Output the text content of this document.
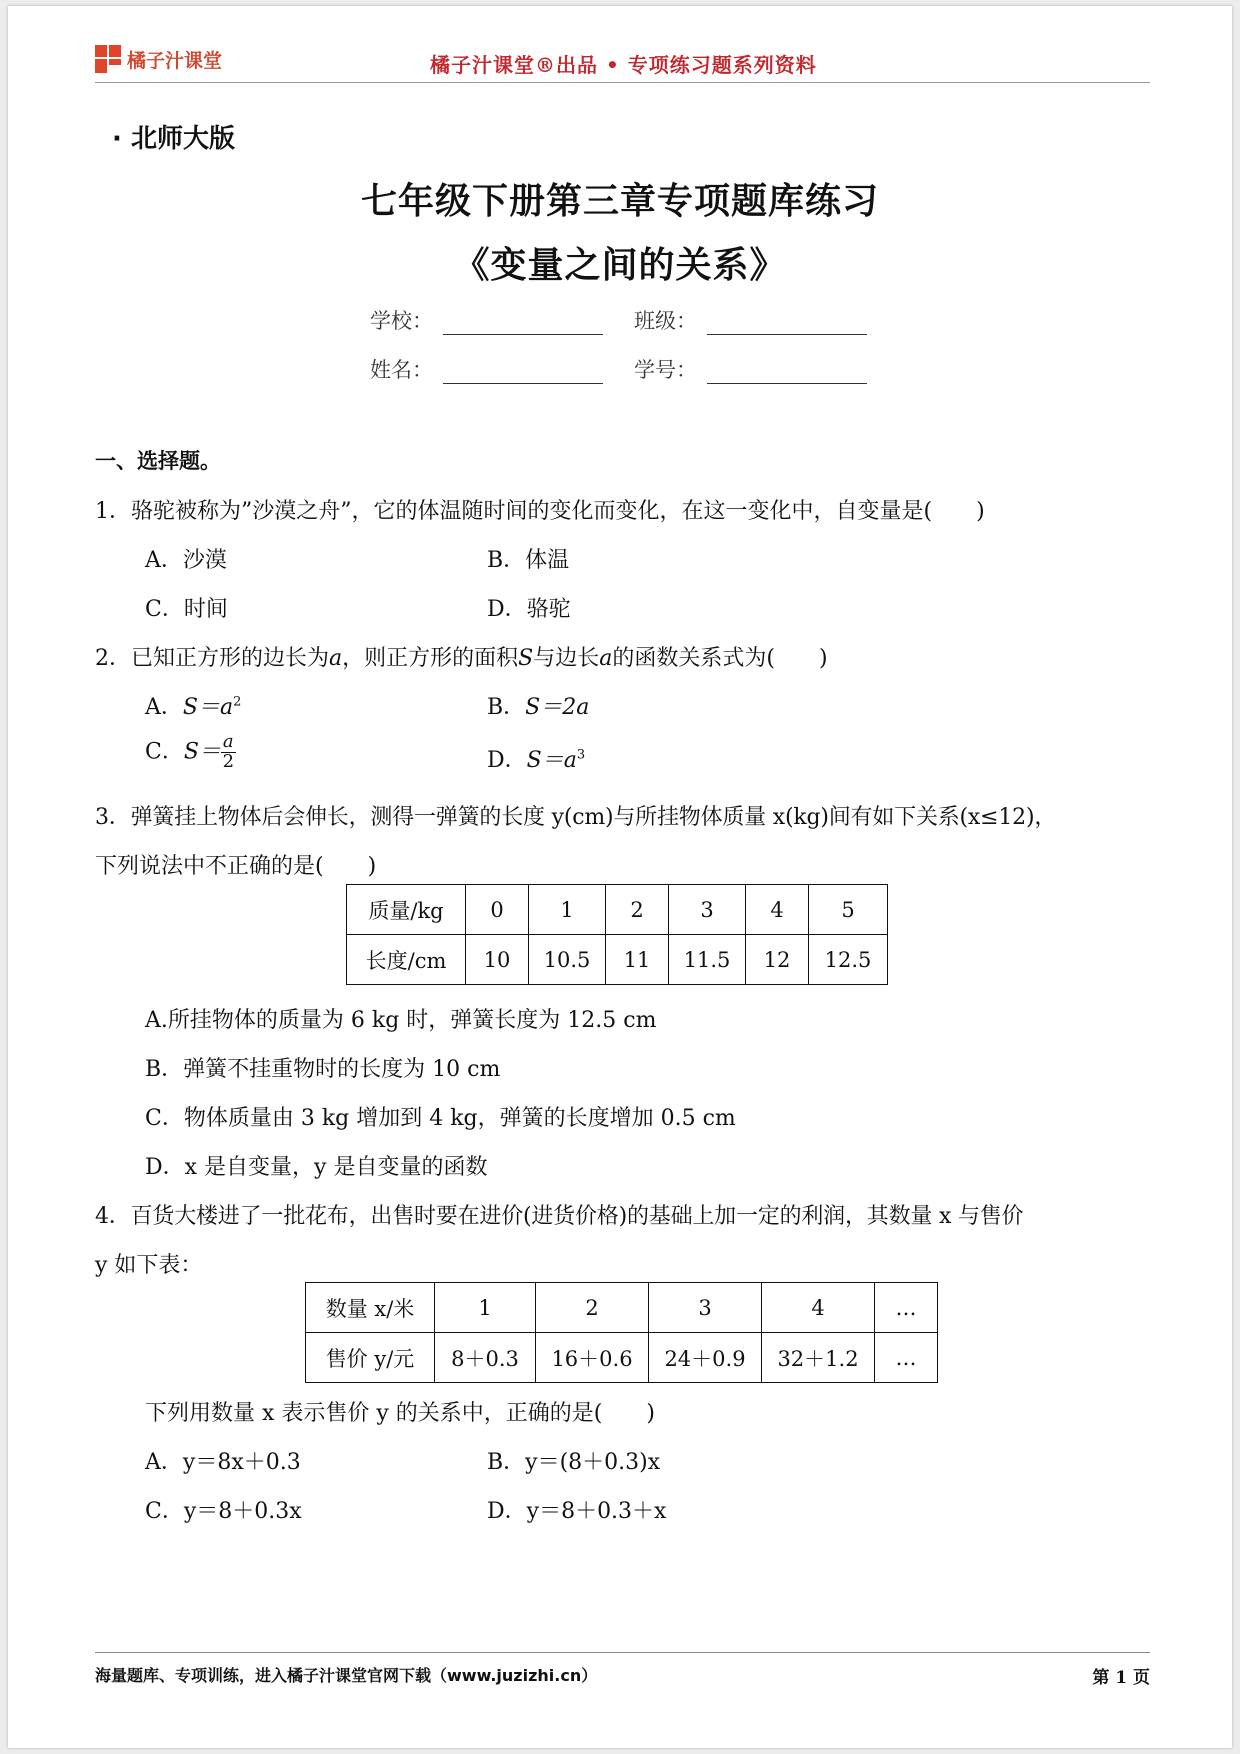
橘子汁课堂	橘子汁课堂®出品 • 专项练习题系列资料
· 北师大版
七年级下册第三章专项题库练习
《变量之间的关系》
学校：	班级：
姓名：	学号：
一、选择题。
1．骆驼被称为”沙漠之舟”，它的体温随时间的变化而变化，在这一变化中，自变量是(　　)
A．沙漠	B．体温
C．时间	D．骆驼
2．已知正方形的边长为a，则正方形的面积S与边长a的函数关系式为(　　)
A．$S=a^2$	B．S＝2a
C．$S= \frac{a}{2}$	D．$S=a^3$
3．弹簧挂上物体后会伸长，测得一弹簧的长度 y(cm)与所挂物体质量 x(kg)间有如下关系(x≤12)，
下列说法中不正确的是(　　)
质量/kg	0	1	2	3	4	5
长度/cm	10	10.5	11	11.5	12	12.5
A.所挂物体的质量为 6 kg 时，弹簧长度为 12.5 cm
B．弹簧不挂重物时的长度为 10 cm
C．物体质量由 3 kg 增加到 4 kg，弹簧的长度增加 0.5 cm
D．x 是自变量，y 是自变量的函数
4．百货大楼进了一批花布，出售时要在进价(进货价格)的基础上加一定的利润，其数量 x 与售价
y 如下表：
数量 x/米	1	2	3	4	…
售价 y/元	8＋0.3	16＋0.6	24＋0.9	32＋1.2	…
下列用数量 x 表示售价 y 的关系中，正确的是(　　)
A．y＝8x＋0.3	B．y＝(8＋0.3)x
C．y＝8＋0.3x	D．y＝8＋0.3＋x
海量题库、专项训练，进入橘子汁课堂官网下载（www.juzizhi.cn）	第 1 页
